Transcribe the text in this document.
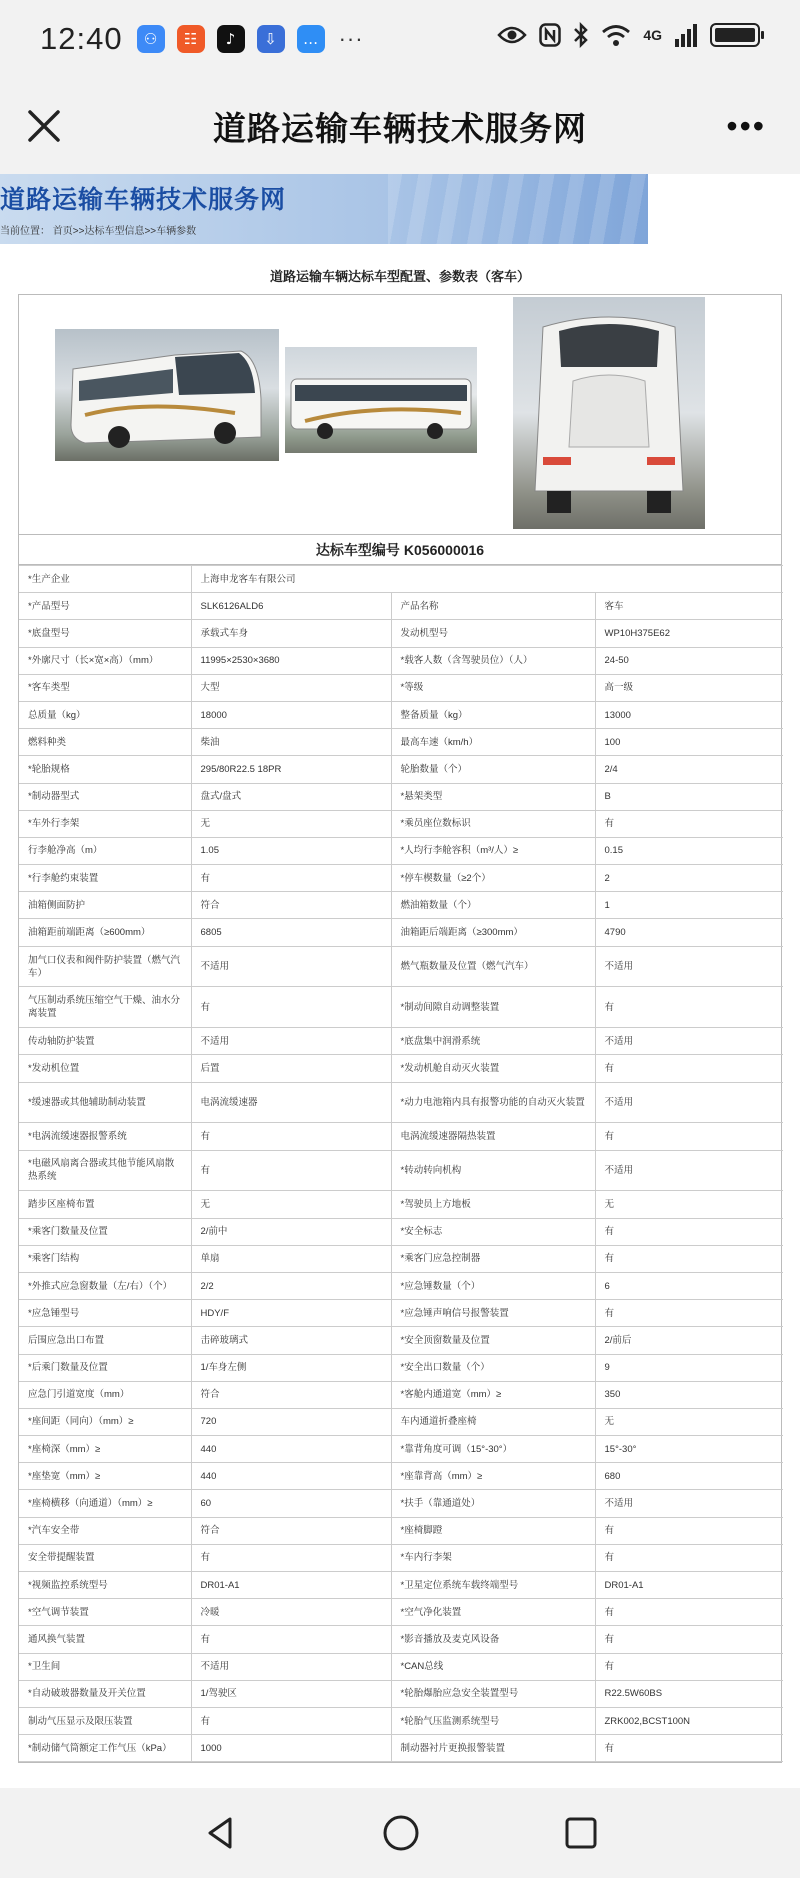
12:40	⚇	☷	♪	⇩	… ···	4G
道路运输车辆技术服务网	•••
道路运输车辆技术服务网
当前位置： 首页>>达标车型信息>>车辆参数
道路运输车辆达标车型配置、参数表（客车）
达标车型编号 K056000016
*生产企业	上海申龙客车有限公司		
*产品型号	SLK6126ALD6	产品名称	客车
*底盘型号	承载式车身	发动机型号	WP10H375E62
*外廓尺寸（长×宽×高）（mm）	11995×2530×3680	*载客人数（含驾驶员位）（人）	24-50
*客车类型	大型	*等级	高一级
总质量（kg）	18000	整备质量（kg）	13000
燃料种类	柴油	最高车速（km/h）	100
*轮胎规格	295/80R22.5 18PR	轮胎数量（个）	2/4
*制动器型式	盘式/盘式	*悬架类型	B
*车外行李架	无	*乘员座位数标识	有
行李舱净高（m）	1.05	*人均行李舱容积（m³/人）≥	0.15
*行李舱约束装置	有	*停车楔数量（≥2个）	2
油箱侧面防护	符合	燃油箱数量（个）	1
油箱距前端距离（≥600mm）	6805	油箱距后端距离（≥300mm）	4790
加气口仪表和阀件防护装置（燃气汽车）	不适用	燃气瓶数量及位置（燃气汽车）	不适用
气压制动系统压缩空气干燥、油水分离装置	有	*制动间隙自动调整装置	有
传动轴防护装置	不适用	*底盘集中润滑系统	不适用
*发动机位置	后置	*发动机舱自动灭火装置	有
*缓速器或其他辅助制动装置	电涡流缓速器	*动力电池箱内具有报警功能的自动灭火装置	不适用
*电涡流缓速器报警系统	有	电涡流缓速器隔热装置	有
*电磁风扇离合器或其他节能风扇散热系统	有	*转动转向机构	不适用
踏步区座椅布置	无	*驾驶员上方地板	无
*乘客门数量及位置	2/前中	*安全标志	有
*乘客门结构	单扇	*乘客门应急控制器	有
*外推式应急窗数量（左/右）（个）	2/2	*应急锤数量（个）	6
*应急锤型号	HDY/F	*应急锤声响信号报警装置	有
后围应急出口布置	击碎玻璃式	*安全顶窗数量及位置	2/前后
*后乘门数量及位置	1/车身左侧	*安全出口数量（个）	9
应急门引道宽度（mm）	符合	*客舱内通道宽（mm）≥	350
*座间距（同向）（mm）≥	720	车内通道折叠座椅	无
*座椅深（mm）≥	440	*靠背角度可调（15°-30°）	15°-30°
*座垫宽（mm）≥	440	*座靠背高（mm）≥	680
*座椅横移（向通道）（mm）≥	60	*扶手（靠通道处）	不适用
*汽车安全带	符合	*座椅脚蹬	有
安全带提醒装置	有	*车内行李架	有
*视频监控系统型号	DR01-A1	*卫星定位系统车载终端型号	DR01-A1
*空气调节装置	冷暖	*空气净化装置	有
通风换气装置	有	*影音播放及麦克风设备	有
*卫生间	不适用	*CAN总线	有
*自动破玻器数量及开关位置	1/驾驶区	*轮胎爆胎应急安全装置型号	R22.5W60BS
制动气压显示及限压装置	有	*轮胎气压监测系统型号	ZRK002,BCST100N
*制动储气筒额定工作气压（kPa）	1000	制动器衬片更换报警装置	有
